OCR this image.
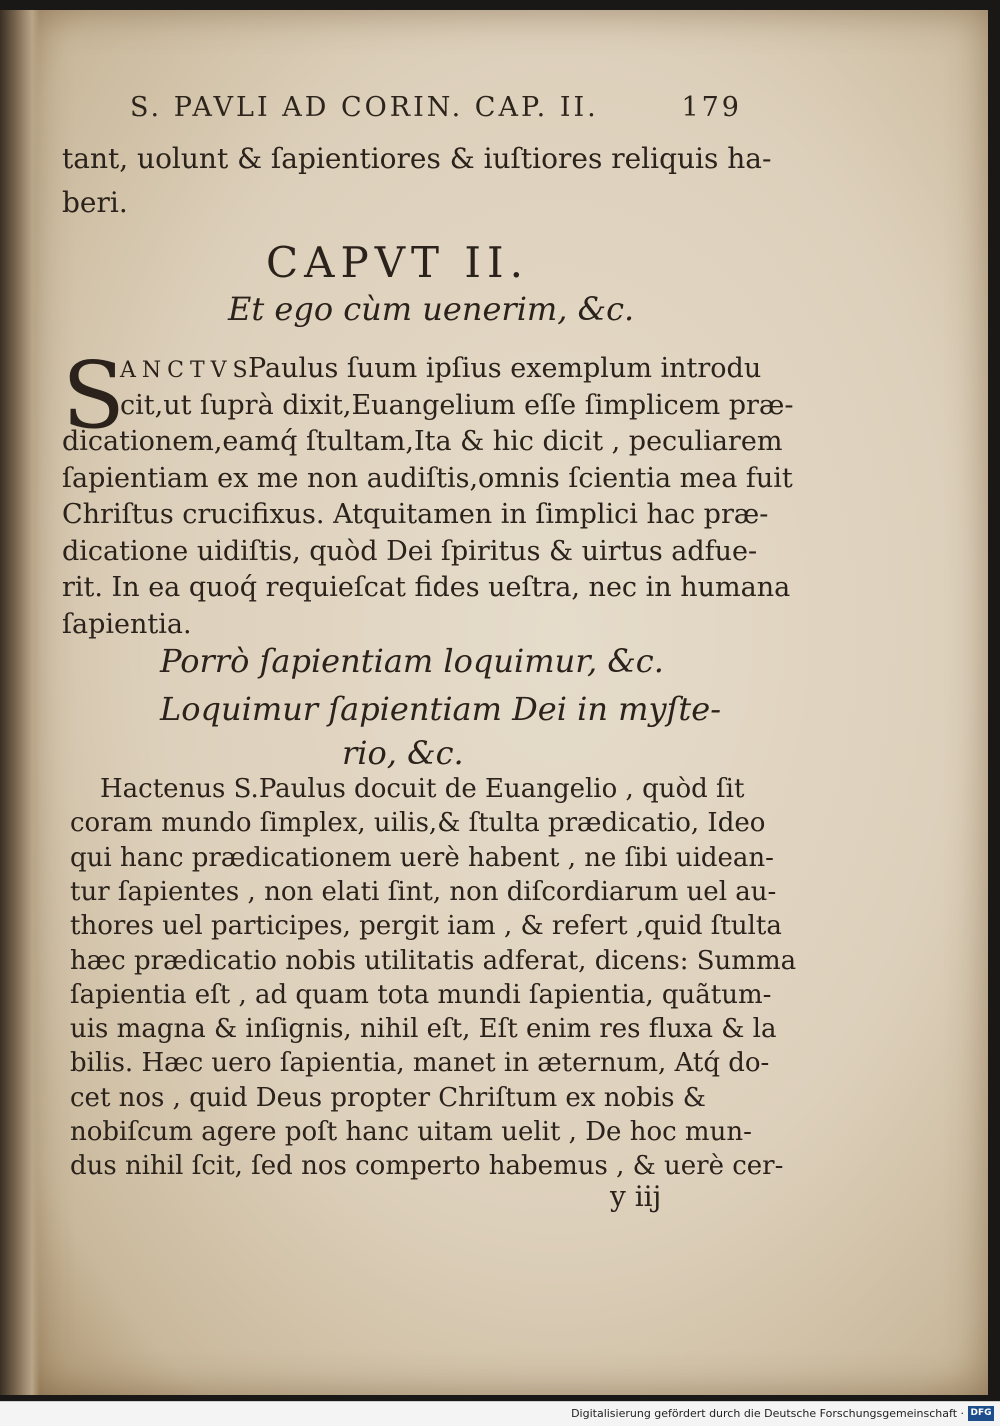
S. PAVLI AD CORIN. CAP. II.	179
CAPVT II.
Et ego cùm uenerim, &c.
S
Porrò ſapientiam loquimur, &c.
Loquimur ſapientiam Dei in myſte-
rio, &c.
y iij
Digitalisierung gefördert durch die Deutsche Forschungsgemeinschaft · DFG
tant, uolunt & ſapientiores & iuſtiores reliquis ha-
beri.
ANCTVS
Paulus ſuum ipſius exemplum introdu
cit,ut ſuprà dixit,Euangelium eſſe ſimplicem præ-
dicationem,eamq́ ſtultam,Ita & hic dicit , peculiarem
ſapientiam ex me non audiſtis,omnis ſcientia mea fuit
Chriſtus crucifixus. Atquitamen in ſimplici hac præ-
dicatione uidiſtis, quòd Dei ſpiritus & uirtus adfue-
rit. In ea quoq́ requieſcat fides ueſtra, nec in humana
ſapientia.
Hactenus S.Paulus docuit de Euangelio , quòd ſit
coram mundo ſimplex, uilis,& ſtulta prædicatio, Ideo
qui hanc prædicationem uerè habent , ne ſibi uidean-
tur ſapientes , non elati ſint, non diſcordiarum uel au-
thores uel participes, pergit iam , & refert ,quid ſtulta
hæc prædicatio nobis utilitatis adferat, dicens: Summa
ſapientia eſt , ad quam tota mundi ſapientia, quãtum-
uis magna & inſignis, nihil eſt, Eſt enim res fluxa & la
bilis. Hæc uero ſapientia, manet in æternum, Atq́ do-
cet nos , quid Deus propter Chriſtum ex nobis &
nobiſcum agere poſt hanc uitam uelit , De hoc mun-
dus nihil ſcit, ſed nos comperto habemus , & uerè cer-
